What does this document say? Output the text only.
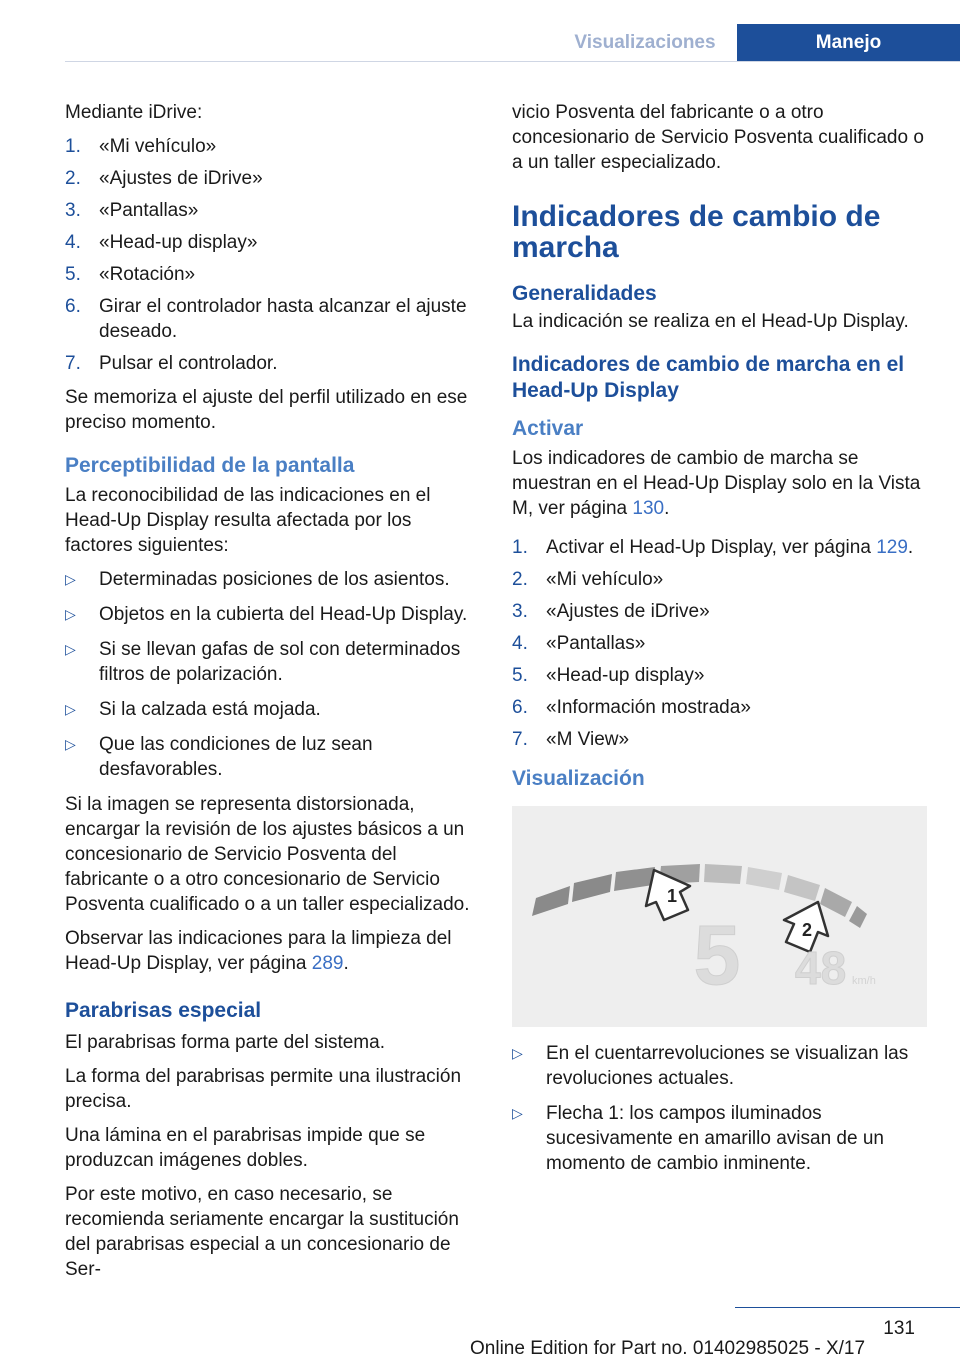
Visualizaciones	Manejo

Mediante iDrive:

1. «Mi vehículo»
2. «Ajustes de iDrive»
3. «Pantallas»
4. «Head-up display»
5. «Rotación»
6. Girar el controlador hasta alcanzar el ajuste deseado.
7. Pulsar el controlador.

Se memoriza el ajuste del perfil utilizado en ese preciso momento.

Perceptibilidad de la pantalla

La reconocibilidad de las indicaciones en el Head-Up Display resulta afectada por los factores siguientes:

▷ Determinadas posiciones de los asientos.
▷ Objetos en la cubierta del Head-Up Display.
▷ Si se llevan gafas de sol con determinados filtros de polarización.
▷ Si la calzada está mojada.
▷ Que las condiciones de luz sean desfavorables.

Si la imagen se representa distorsionada, encargar la revisión de los ajustes básicos a un concesionario de Servicio Posventa del fabricante o a otro concesionario de Servicio Posventa cualificado o a un taller especializado.

Observar las indicaciones para la limpieza del Head-Up Display, ver página 289.

Parabrisas especial

El parabrisas forma parte del sistema.

La forma del parabrisas permite una ilustración precisa.

Una lámina en el parabrisas impide que se produzcan imágenes dobles.

Por este motivo, en caso necesario, se recomienda seriamente encargar la sustitución del parabrisas especial a un concesionario de Ser-

vicio Posventa del fabricante o a otro concesionario de Servicio Posventa cualificado o a un taller especializado.

Indicadores de cambio de marcha
Generalidades

La indicación se realiza en el Head-Up Display.

Indicadores de cambio de marcha en el Head-Up Display
Activar

Los indicadores de cambio de marcha se muestran en el Head-Up Display solo en la Vista M, ver página 130.

1. Activar el Head-Up Display, ver página 129.
2. «Mi vehículo»
3. «Ajustes de iDrive»
4. «Pantallas»
5. «Head-up display»
6. «Información mostrada»
7. «M View»
Visualización
1
2
5 48 km/h
▷ En el cuentarrevoluciones se visualizan las revoluciones actuales.
▷ Flecha 1: los campos iluminados sucesivamente en amarillo avisan de un momento de cambio inminente.
131
Online Edition for Part no. 01402985025 - X/17
